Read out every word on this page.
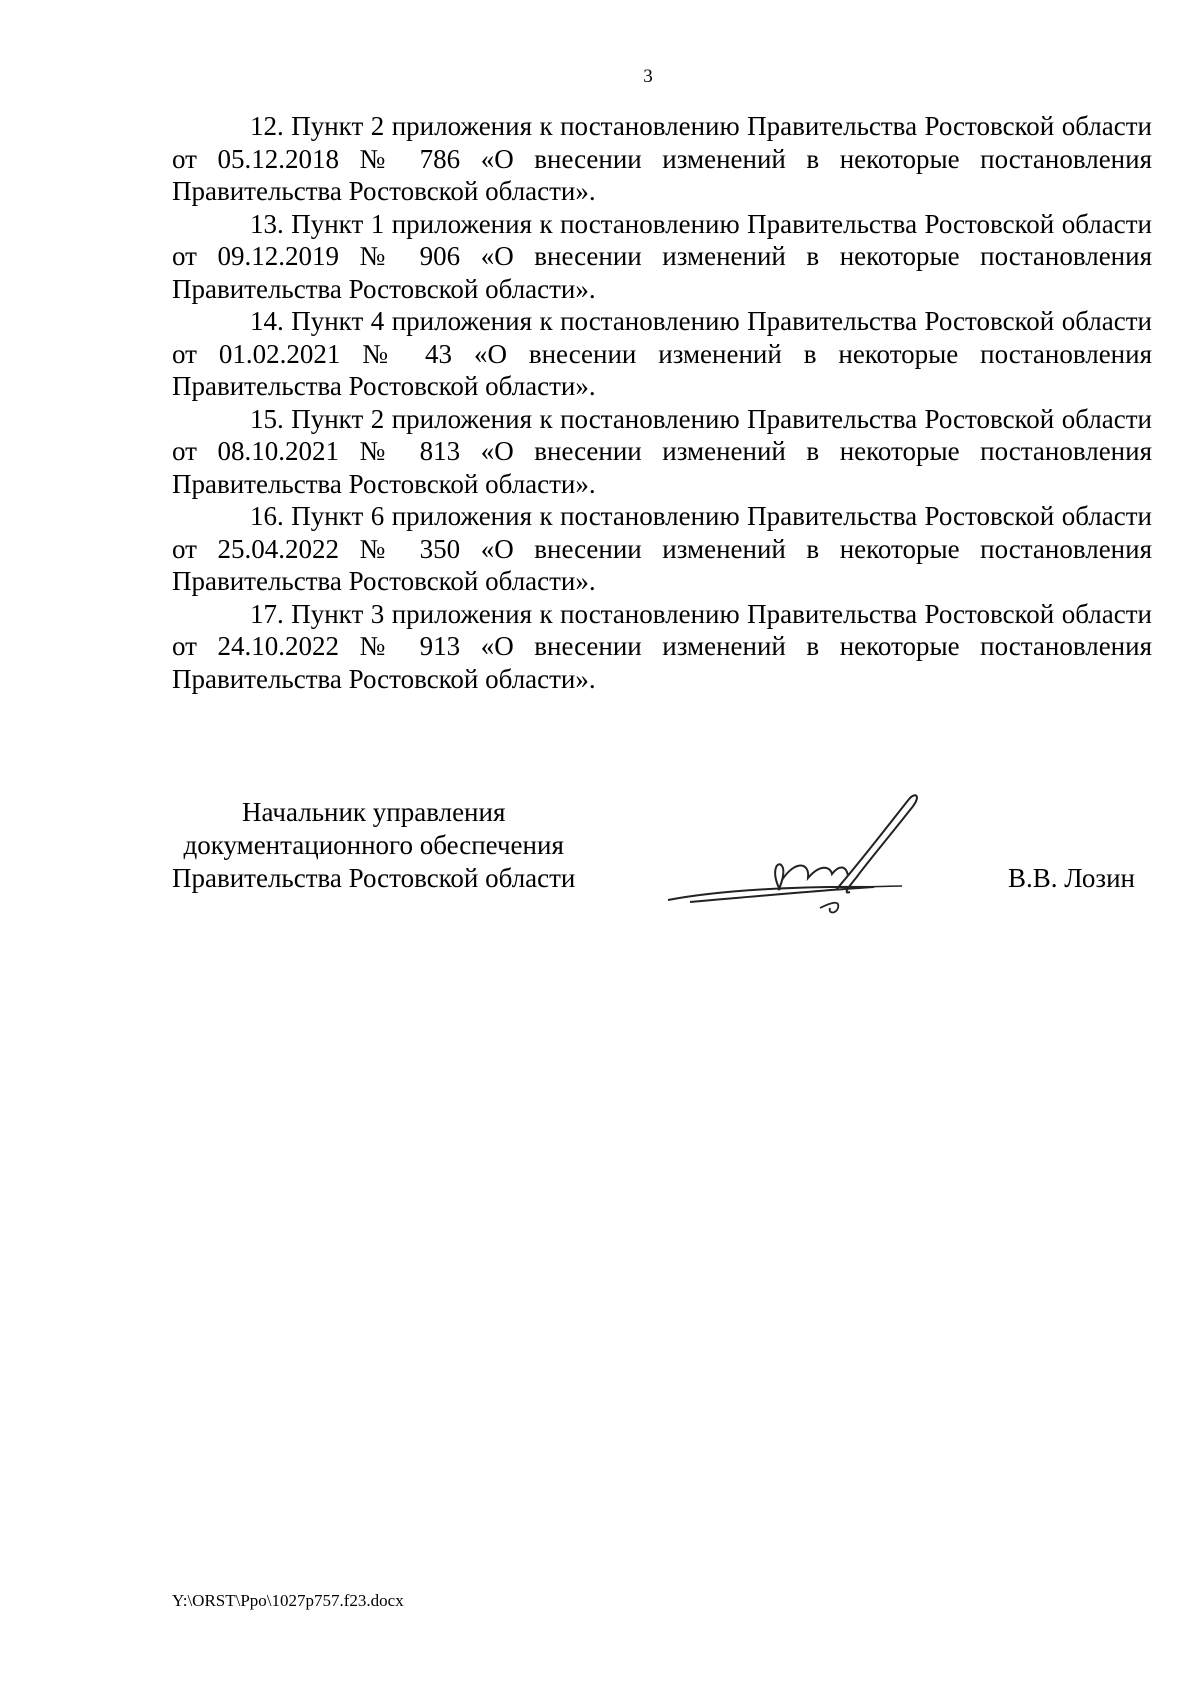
3

12. Пункт 2 приложения к постановлению Правительства Ростовской области от 05.12.2018 № 786 «О внесении изменений в некоторые постановления Правительства Ростовской области».

13. Пункт 1 приложения к постановлению Правительства Ростовской области от 09.12.2019 № 906 «О внесении изменений в некоторые постановления Правительства Ростовской области».

14. Пункт 4 приложения к постановлению Правительства Ростовской области от 01.02.2021 № 43 «О внесении изменений в некоторые постановления Правительства Ростовской области».

15. Пункт 2 приложения к постановлению Правительства Ростовской области от 08.10.2021 № 813 «О внесении изменений в некоторые постановления Правительства Ростовской области».

16. Пункт 6 приложения к постановлению Правительства Ростовской области от 25.04.2022 № 350 «О внесении изменений в некоторые постановления Правительства Ростовской области».

17. Пункт 3 приложения к постановлению Правительства Ростовской области от 24.10.2022 № 913 «О внесении изменений в некоторые постановления Правительства Ростовской области».

Начальник управления
документационного обеспечения
Правительства Ростовской области	В.В. Лозин
Y:\ORST\Ppo\1027p757.f23.docx
